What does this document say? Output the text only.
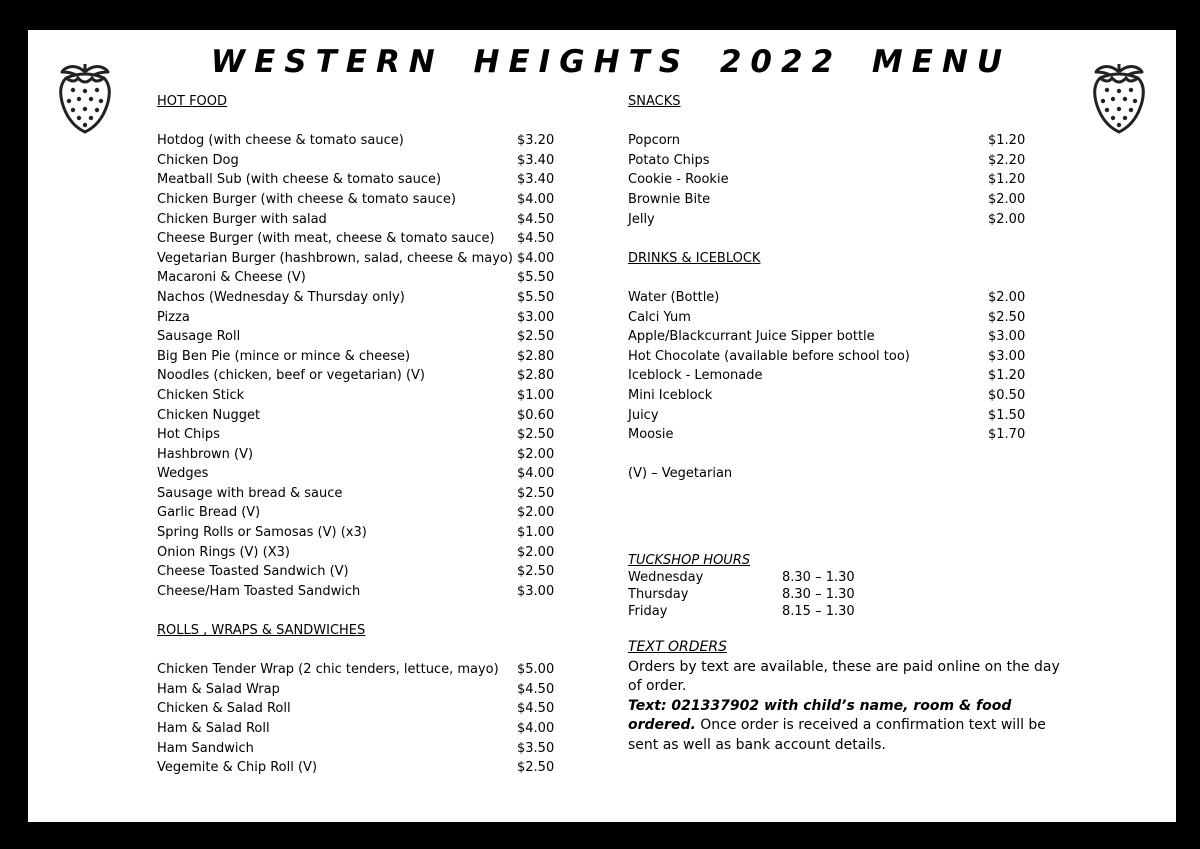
WESTERN HEIGHTS 2022 MENU
HOT FOOD
Hotdog (with cheese & tomato sauce)	$3.20
Chicken Dog	$3.40
Meatball Sub (with cheese & tomato sauce)	$3.40
Chicken Burger (with cheese & tomato sauce)	$4.00
Chicken Burger with salad	$4.50
Cheese Burger (with meat, cheese & tomato sauce) $4.50
Vegetarian Burger (hashbrown, salad, cheese & mayo) $4.00
Macaroni & Cheese (V)	$5.50
Nachos (Wednesday & Thursday only)	$5.50
Pizza	$3.00
Sausage Roll	$2.50
Big Ben Pie (mince or mince & cheese)	$2.80
Noodles (chicken, beef or vegetarian) (V)	$2.80
Chicken Stick	$1.00
Chicken Nugget	$0.60
Hot Chips	$2.50
Hashbrown (V)	$2.00
Wedges	$4.00
Sausage with bread & sauce	$2.50
Garlic Bread (V)	$2.00
Spring Rolls or Samosas (V) (x3)	$1.00
Onion Rings (V) (X3)	$2.00
Cheese Toasted Sandwich (V)	$2.50
Cheese/Ham Toasted Sandwich	$3.00
ROLLS , WRAPS & SANDWICHES
Chicken Tender Wrap (2 chic tenders, lettuce, mayo) $5.00
Ham & Salad Wrap	$4.50
Chicken & Salad Roll	$4.50
Ham & Salad Roll	$4.00
Ham Sandwich	$3.50
Vegemite & Chip Roll (V)	$2.50
SNACKS
Popcorn	$1.20
Potato Chips	$2.20
Cookie - Rookie	$1.20
Brownie Bite	$2.00
Jelly	$2.00
DRINKS & ICEBLOCK
Water (Bottle)	$2.00
Calci Yum	$2.50
Apple/Blackcurrant Juice Sipper bottle	$3.00
Hot Chocolate (available before school too)	$3.00
Iceblock - Lemonade	$1.20
Mini Iceblock	$0.50
Juicy	$1.50
Moosie	$1.70
(V) – Vegetarian
TUCKSHOP HOURS
Wednesday	8.30 – 1.30
Thursday	8.30 – 1.30
Friday	8.15 – 1.30
TEXT ORDERS
Orders by text are available, these are paid online on the day of order.
Text: 021337902 with child’s name, room & food ordered. Once order is received a confirmation text will be sent as well as bank account details.
